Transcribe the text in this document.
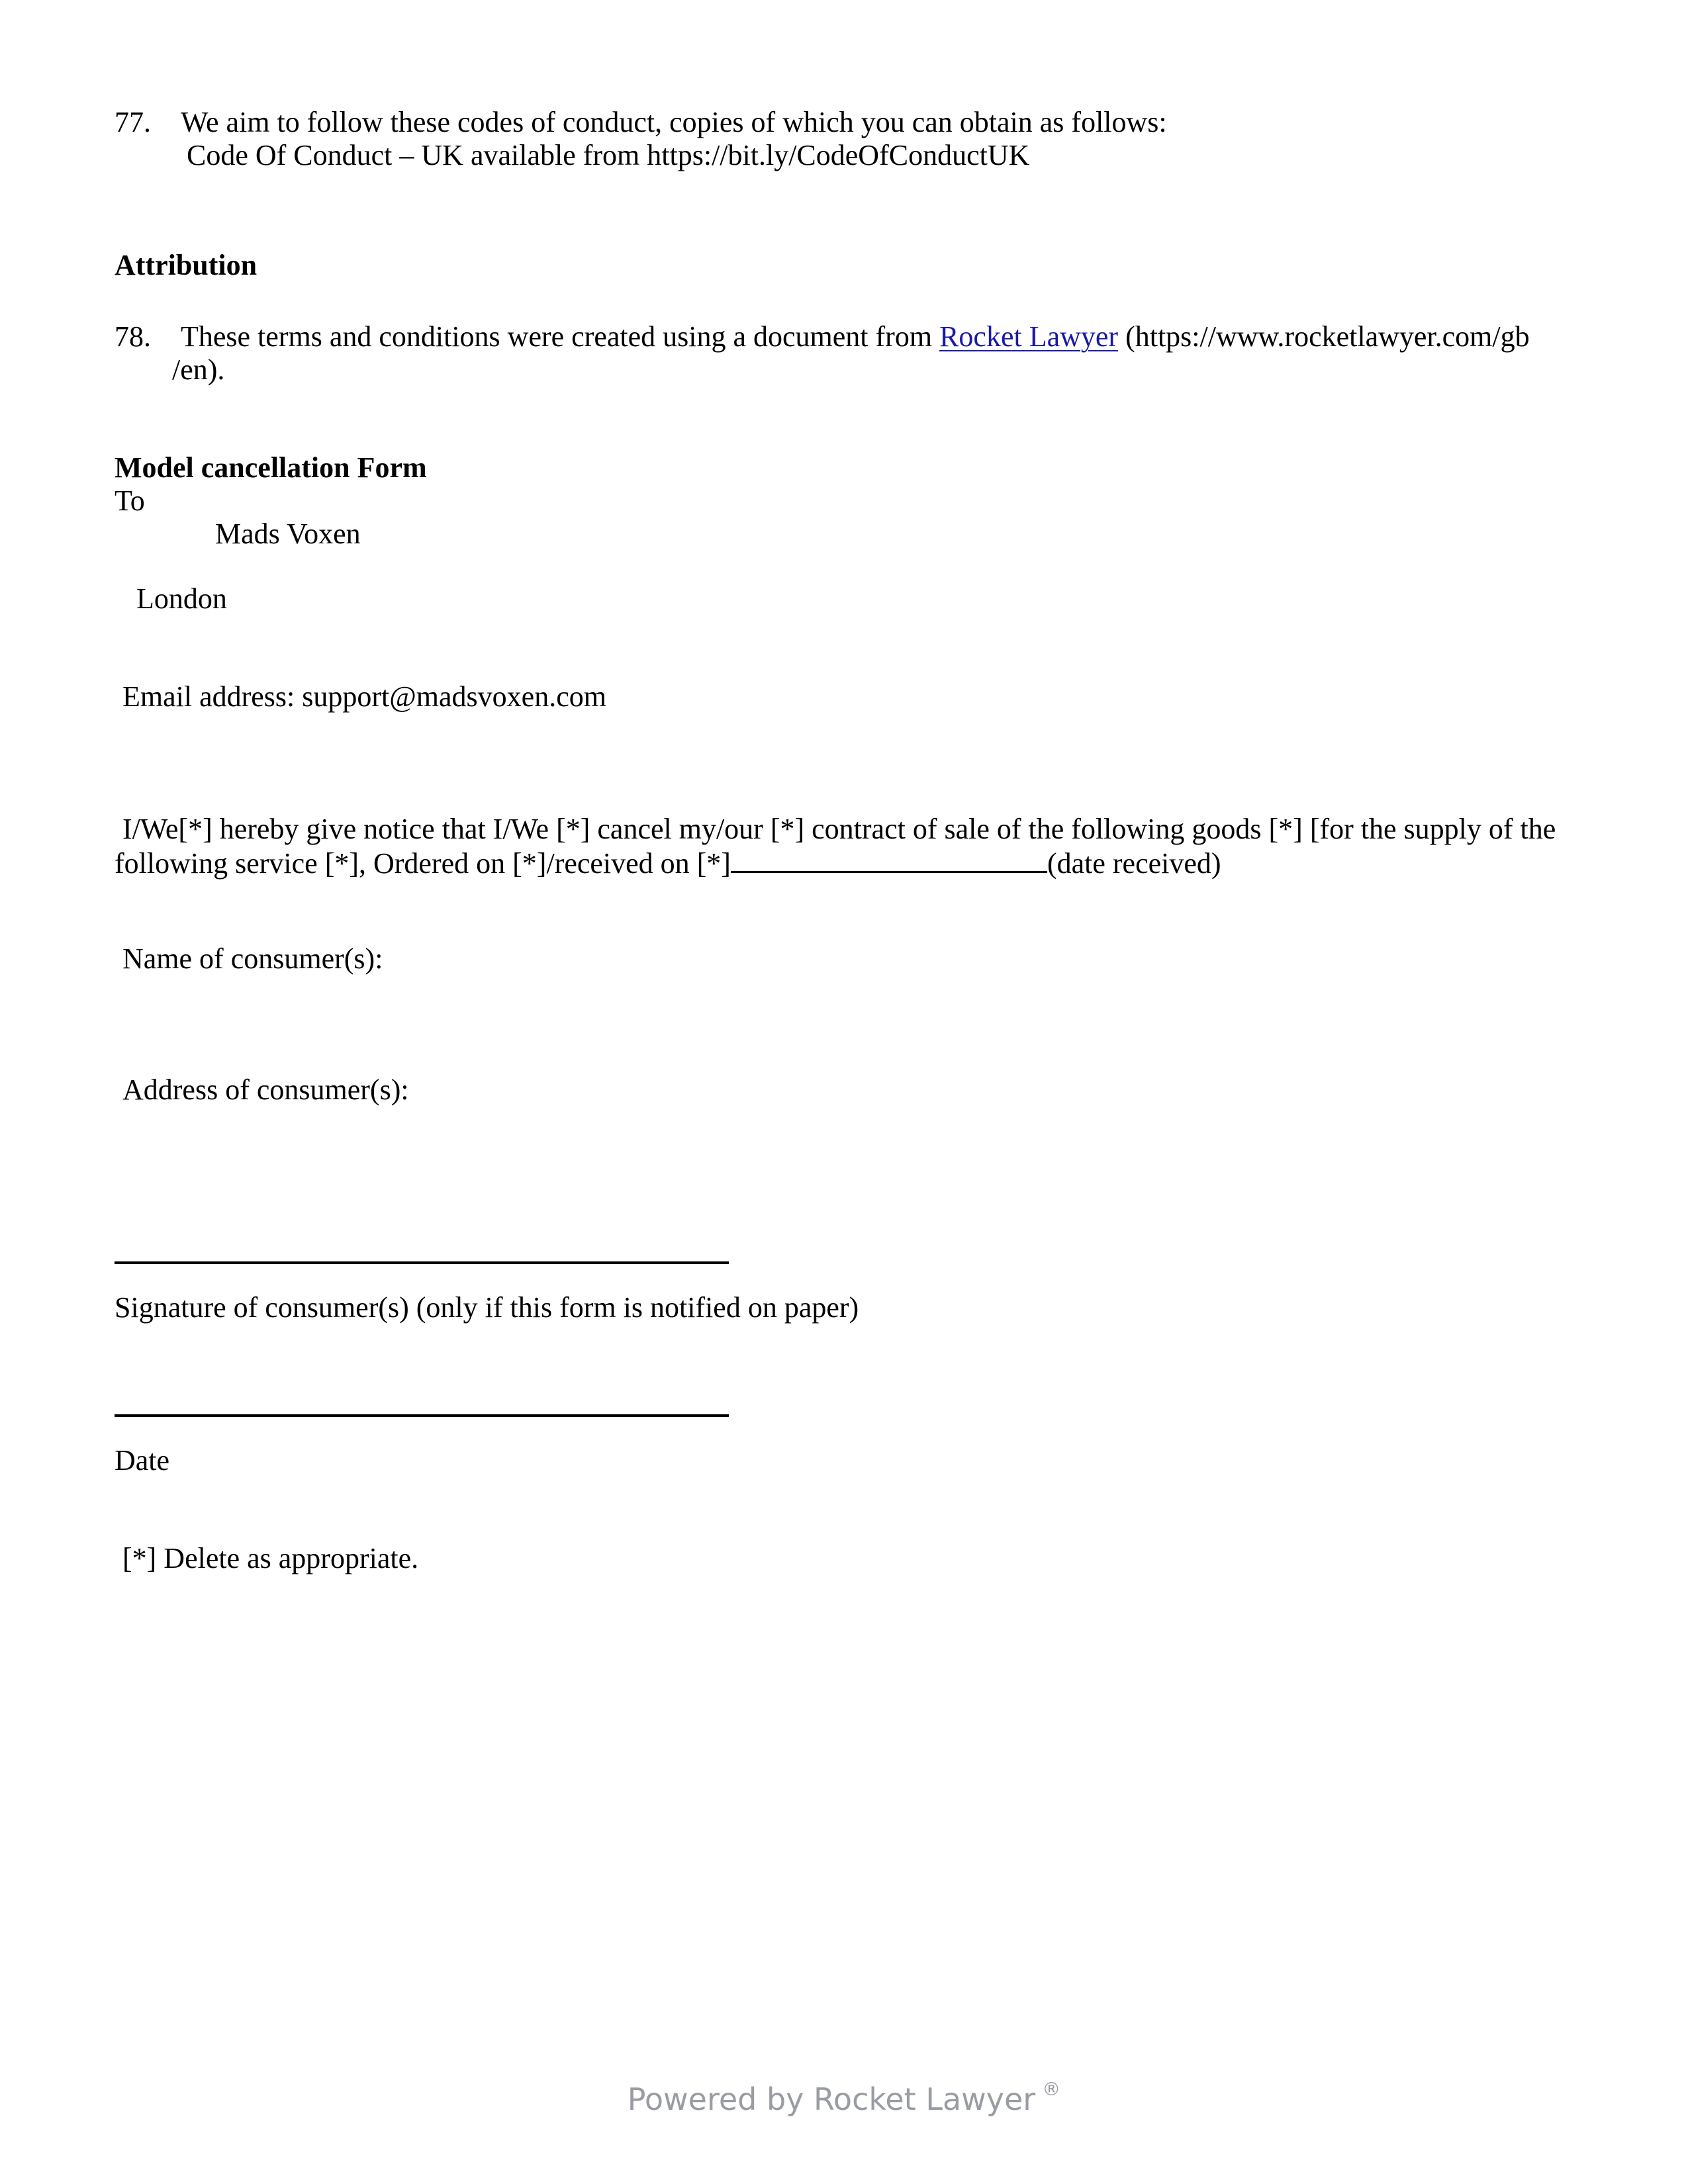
77. We aim to follow these codes of conduct, copies of which you can obtain as follows:
Code Of Conduct – UK available from https://bit.ly/CodeOfConductUK
Attribution
78. These terms and conditions were created using a document from Rocket Lawyer (https://www.rocketlawyer.com/gb
/en).
Model cancellation Form
To
Mads Voxen
London
Email address: support@madsvoxen.com
I/We[*] hereby give notice that I/We [*] cancel my/our [*] contract of sale of the following goods [*] [for the supply of the
following service [*], Ordered on [*]/received on [*]	(date received)
Name of consumer(s):
Address of consumer(s):
Signature of consumer(s) (only if this form is notified on paper)
Date
[*] Delete as appropriate.
Powered by Rocket Lawyer ®
